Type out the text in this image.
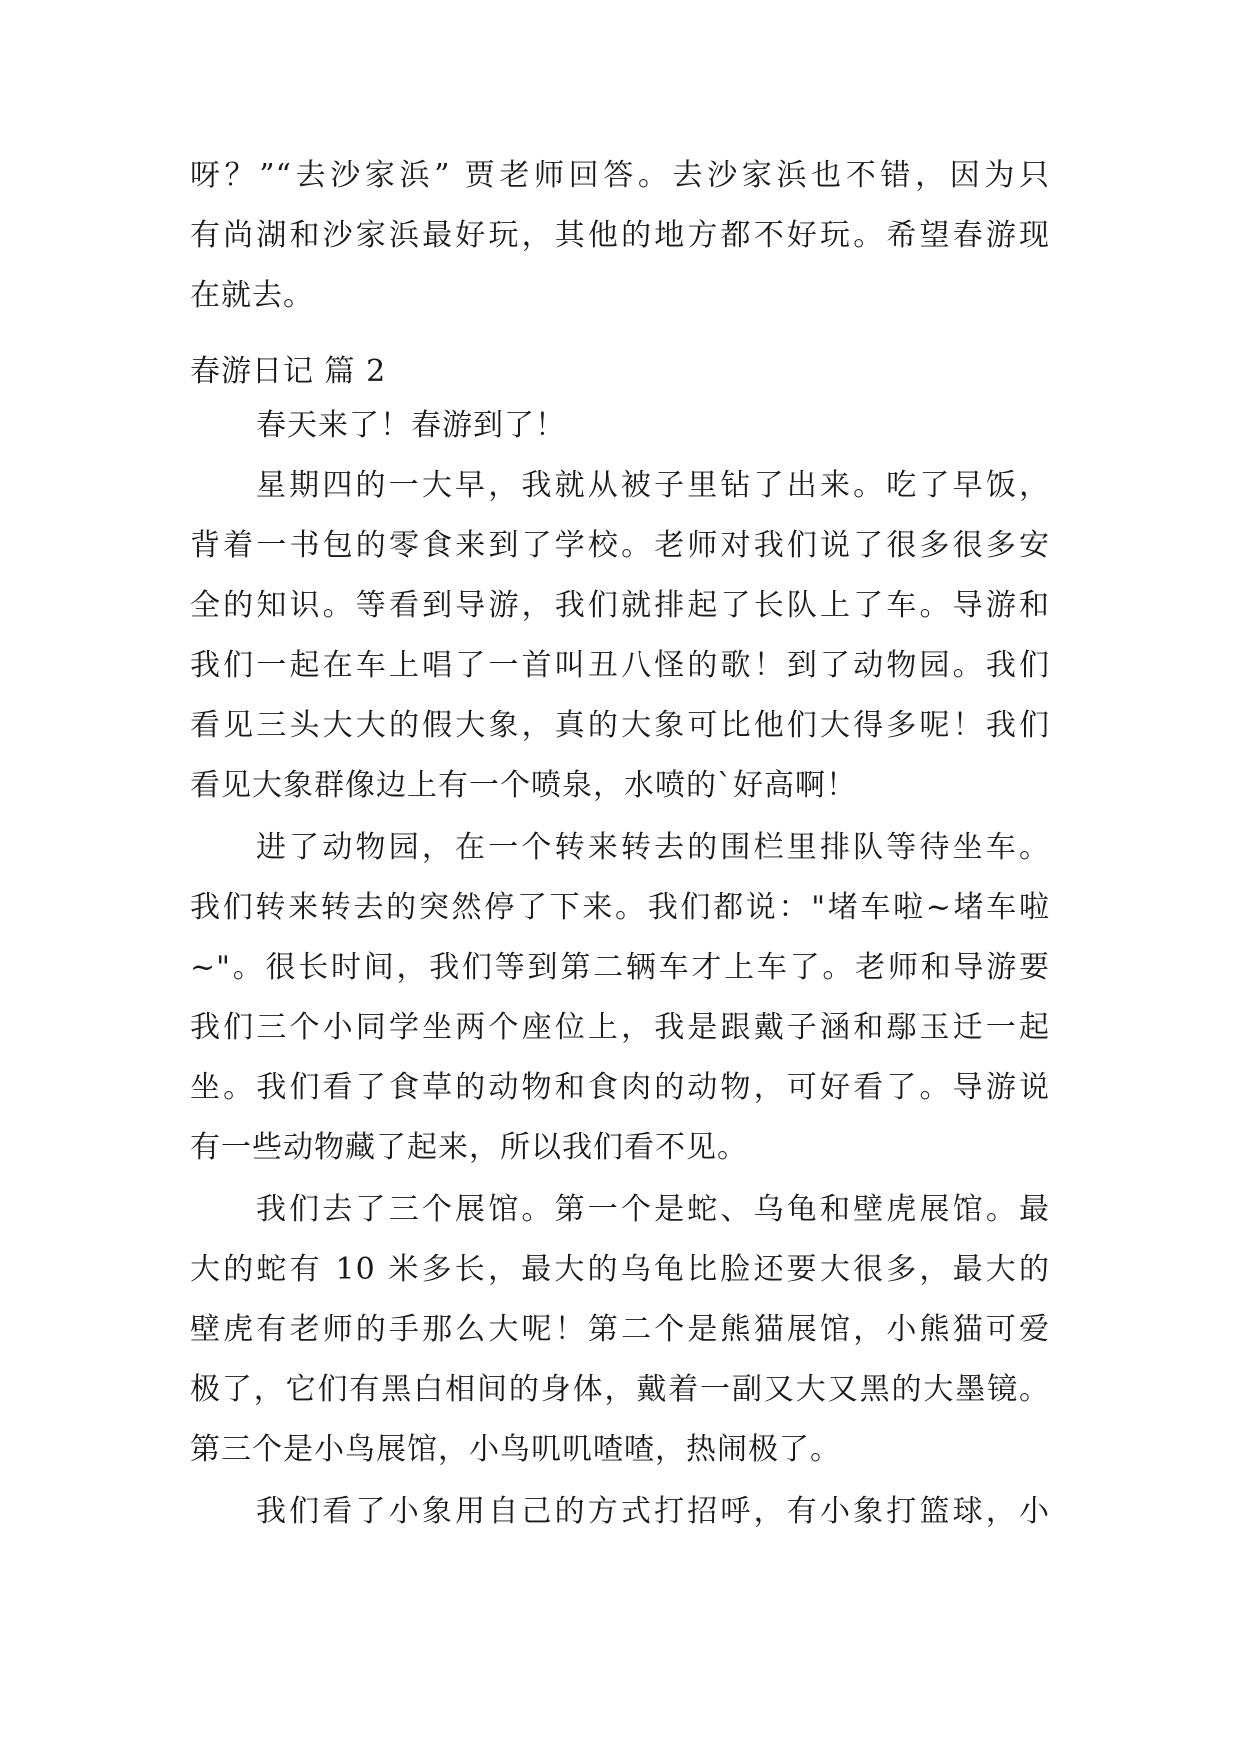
呀？”“去沙家浜” 贾老师回答。去沙家浜也不错，因为只
有尚湖和沙家浜最好玩，其他的地方都不好玩。希望春游现
在就去。
春游日记 篇 2
春天来了！春游到了！
星期四的一大早，我就从被子里钻了出来。吃了早饭，
背着一书包的零食来到了学校。老师对我们说了很多很多安
全的知识。等看到导游，我们就排起了长队上了车。导游和
我们一起在车上唱了一首叫丑八怪的歌！到了动物园。我们
看见三头大大的假大象，真的大象可比他们大得多呢！我们
看见大象群像边上有一个喷泉，水喷的`好高啊！
进了动物园，在一个转来转去的围栏里排队等待坐车。
我们转来转去的突然停了下来。我们都说："堵车啦~堵车啦
~"。很长时间，我们等到第二辆车才上车了。老师和导游要
我们三个小同学坐两个座位上，我是跟戴子涵和鄢玉迁一起
坐。我们看了食草的动物和食肉的动物，可好看了。导游说
有一些动物藏了起来，所以我们看不见。
我们去了三个展馆。第一个是蛇、乌龟和壁虎展馆。最
大的蛇有 10 米多长，最大的乌龟比脸还要大很多，最大的
壁虎有老师的手那么大呢！第二个是熊猫展馆，小熊猫可爱
极了，它们有黑白相间的身体，戴着一副又大又黑的大墨镜。
第三个是小鸟展馆，小鸟叽叽喳喳，热闹极了。
我们看了小象用自己的方式打招呼，有小象打篮球，小
